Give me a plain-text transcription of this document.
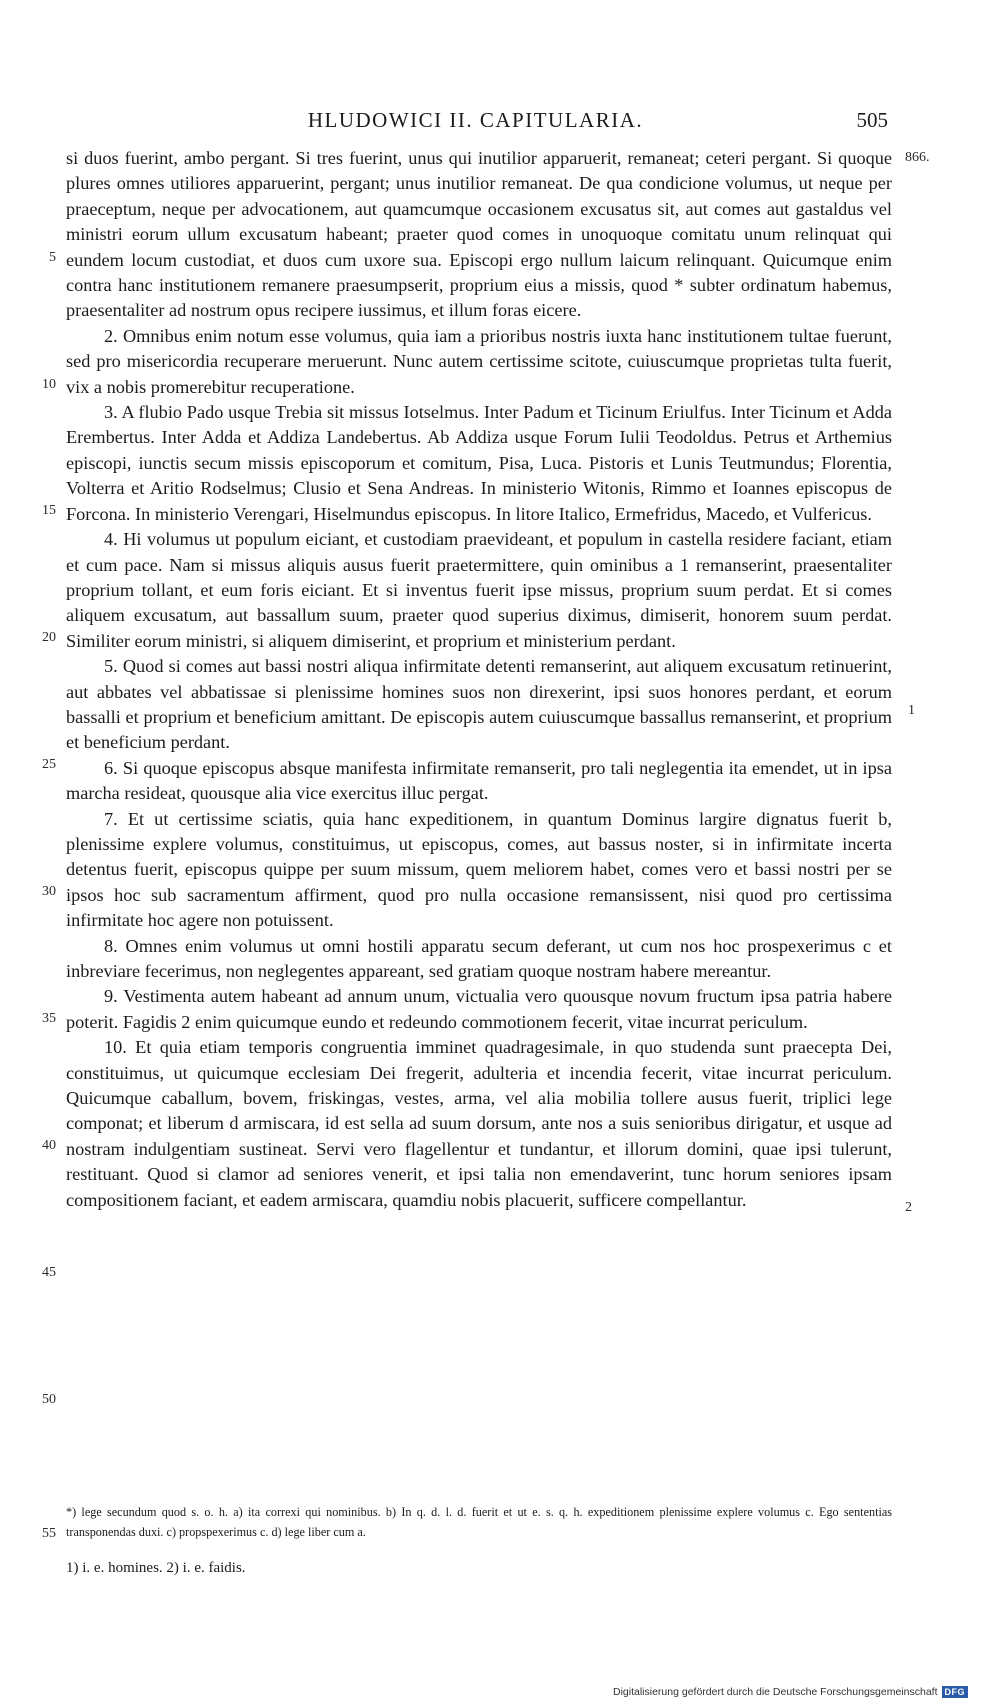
HLUDOWICI II. CAPITULARIA.	505
866.
1
2
5
10
15
20
25
30
35
40
45
50
55

si duos fuerint, ambo pergant. Si tres fuerint, unus qui inutilior apparuerit, remaneat; ceteri pergant. Si quoque plures omnes utiliores apparuerint, pergant; unus inutilior remaneat. De qua condicione volumus, ut neque per praeceptum, neque per advocationem, aut quamcumque occasionem excusatus sit, aut comes aut gastaldus vel ministri eorum ullum excusatum habeant; praeter quod comes in unoquoque comitatu unum relinquat qui eundem locum custodiat, et duos cum uxore sua. Episcopi ergo nullum laicum relinquant. Quicumque enim contra hanc institutionem remanere praesumpserit, proprium eius a missis, quod * subter ordinatum habemus, praesentaliter ad nostrum opus recipere iussimus, et illum foras eicere.

2. Omnibus enim notum esse volumus, quia iam a prioribus nostris iuxta hanc institutionem tultae fuerunt, sed pro misericordia recuperare meruerunt. Nunc autem certissime scitote, cuiuscumque proprietas tulta fuerit, vix a nobis promerebitur recuperatione.

3. A flubio Pado usque Trebia sit missus Iotselmus. Inter Padum et Ticinum Eriulfus. Inter Ticinum et Adda Erembertus. Inter Adda et Addiza Landebertus. Ab Addiza usque Forum Iulii Teodoldus. Petrus et Arthemius episcopi, iunctis secum missis episcoporum et comitum, Pisa, Luca. Pistoris et Lunis Teutmundus; Florentia, Volterra et Aritio Rodselmus; Clusio et Sena Andreas. In ministerio Witonis, Rimmo et Ioannes episcopus de Forcona. In ministerio Verengari, Hiselmundus episcopus. In litore Italico, Ermefridus, Macedo, et Vulfericus.

4. Hi volumus ut populum eiciant, et custodiam praevideant, et populum in castella residere faciant, etiam et cum pace. Nam si missus aliquis ausus fuerit praetermittere, quin ominibus a 1 remanserint, praesentaliter proprium tollant, et eum foris eiciant. Et si inventus fuerit ipse missus, proprium suum perdat. Et si comes aliquem excusatum, aut bassallum suum, praeter quod superius diximus, dimiserit, honorem suum perdat. Similiter eorum ministri, si aliquem dimiserint, et proprium et ministerium perdant.

5. Quod si comes aut bassi nostri aliqua infirmitate detenti remanserint, aut aliquem excusatum retinuerint, aut abbates vel abbatissae si plenissime homines suos non direxerint, ipsi suos honores perdant, et eorum bassalli et proprium et beneficium amittant. De episcopis autem cuiuscumque bassallus remanserint, et proprium et beneficium perdant.

6. Si quoque episcopus absque manifesta infirmitate remanserit, pro tali neglegentia ita emendet, ut in ipsa marcha resideat, quousque alia vice exercitus illuc pergat.

7. Et ut certissime sciatis, quia hanc expeditionem, in quantum Dominus largire dignatus fuerit b, plenissime explere volumus, constituimus, ut episcopus, comes, aut bassus noster, si in infirmitate incerta detentus fuerit, episcopus quippe per suum missum, quem meliorem habet, comes vero et bassi nostri per se ipsos hoc sub sacramentum affirment, quod pro nulla occasione remansissent, nisi quod pro certissima infirmitate hoc agere non potuissent.

8. Omnes enim volumus ut omni hostili apparatu secum deferant, ut cum nos hoc prospexerimus c et inbreviare fecerimus, non neglegentes appareant, sed gratiam quoque nostram habere mereantur.

9. Vestimenta autem habeant ad annum unum, victualia vero quousque novum fructum ipsa patria habere poterit. Fagidis 2 enim quicumque eundo et redeundo commotionem fecerit, vitae incurrat periculum.

10. Et quia etiam temporis congruentia imminet quadragesimale, in quo studenda sunt praecepta Dei, constituimus, ut quicumque ecclesiam Dei fregerit, adulteria et incendia fecerit, vitae incurrat periculum. Quicumque caballum, bovem, friskingas, vestes, arma, vel alia mobilia tollere ausus fuerit, triplici lege componat; et liberum d armiscara, id est sella ad suum dorsum, ante nos a suis senioribus dirigatur, et usque ad nostram indulgentiam sustineat. Servi vero flagellentur et tundantur, et illorum domini, quae ipsi tulerunt, restituant. Quod si clamor ad seniores venerit, et ipsi talia non emendaverint, tunc horum seniores ipsam compositionem faciant, et eadem armiscara, quamdiu nobis placuerit, sufficere compellantur.

*) lege secundum quod s. o. h. a) ita correxi qui nominibus. b) In q. d. l. d. fuerit et ut e. s. q. h. expeditionem plenissime explere volumus c. Ego sententias transponendas duxi. c) propspexerimus c. d) lege liber cum a.

1) i. e. homines. 2) i. e. faidis.

Digitalisierung gefördert durch die Deutsche Forschungsgemeinschaft DFG
